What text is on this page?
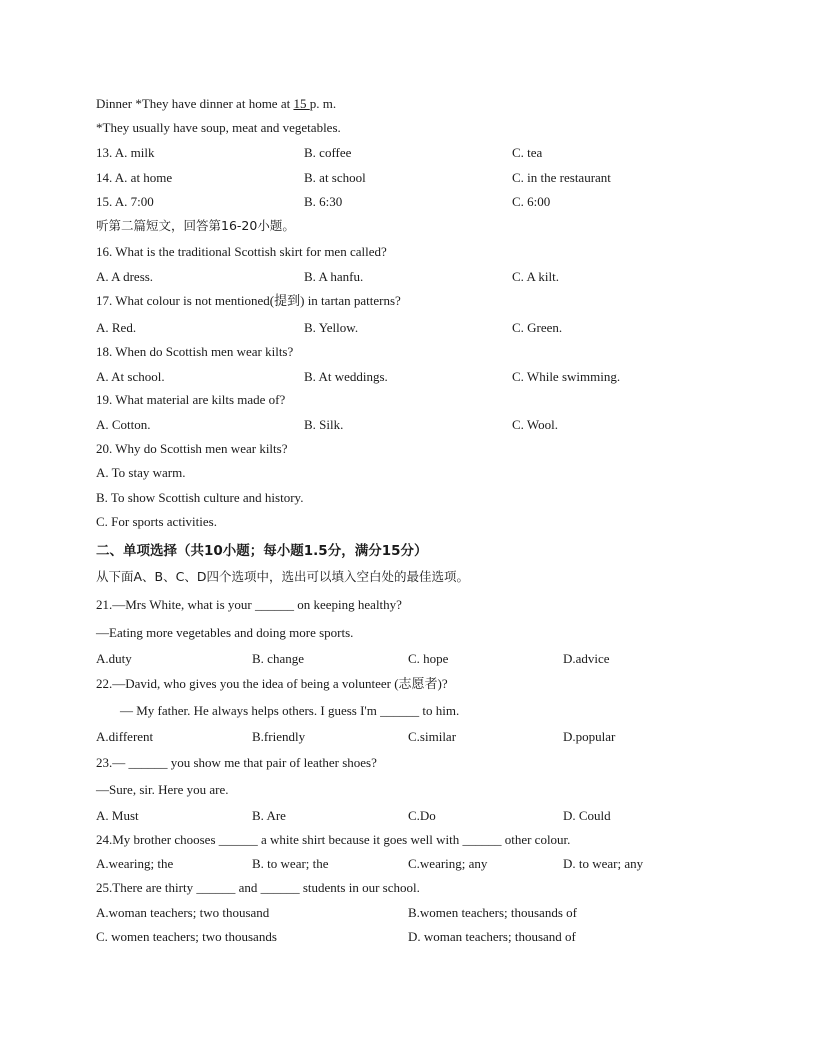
Dinner *They have dinner at home at 15 p. m.
*They usually have soup, meat and vegetables.
13. A. milk	B. coffee	C. tea
14. A. at home	B. at school	C. in the restaurant
15. A. 7:00	B. 6:30	C. 6:00
听第二篇短文，回答第16-20小题。
16. What is the traditional Scottish skirt for men called?
A. A dress.	B. A hanfu.	C. A kilt.
17. What colour is not mentioned(提到) in tartan patterns?
A. Red.	B. Yellow.	C. Green.
18. When do Scottish men wear kilts?
A. At school.	B. At weddings.	C. While swimming.
19. What material are kilts made of?
A. Cotton.	B. Silk.	C. Wool.
20. Why do Scottish men wear kilts?
A. To stay warm.
B. To show Scottish culture and history.
C. For sports activities.
二、单项选择（共10小题；每小题1.5分，满分15分）
从下面A、B、C、D四个选项中，选出可以填入空白处的最佳选项。
21.—Mrs White, what is your ______ on keeping healthy?
—Eating more vegetables and doing more sports.
A.duty	B. change	C. hope	D.advice
22.—David, who gives you the idea of being a volunteer (志愿者)?
— My father. He always helps others. I guess I'm ______ to him.
A.different	B.friendly	C.similar	D.popular
23.— ______ you show me that pair of leather shoes?
—Sure, sir. Here you are.
A. Must	B. Are	C.Do	D. Could
24.My brother chooses ______ a white shirt because it goes well with ______ other colour.
A.wearing; the	B. to wear; the	C.wearing; any	D. to wear; any
25.There are thirty ______ and ______ students in our school.
A.woman teachers; two thousand	B.women teachers; thousands of
C. women teachers; two thousands	D. woman teachers; thousand of
